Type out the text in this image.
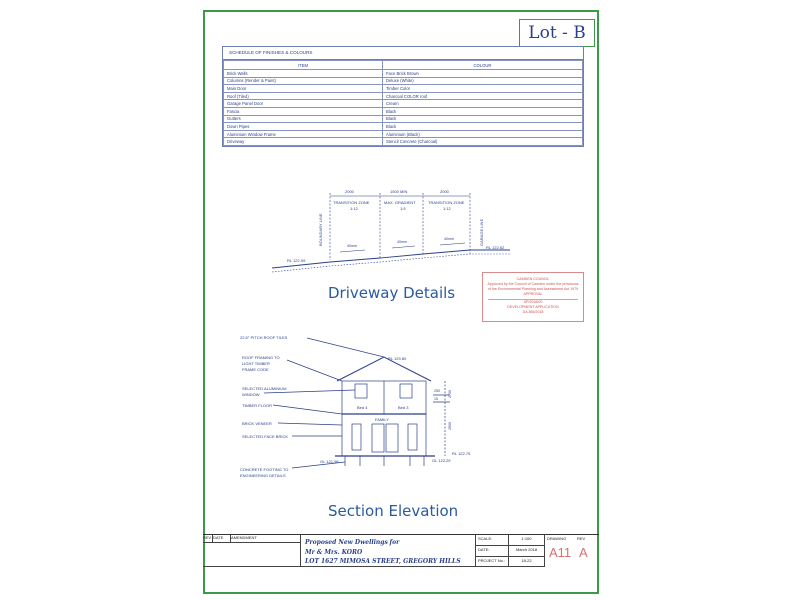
Lot - B
SCHEDULE OF FINISHES & COLOURS
ITEM	COLOUR
Brick Walls	Face Brick Brown
Columns (Render & Paint)	Deluxe (White)
Main Door	Timber Color
Roof (Tiled)	Charcoal COLOR roof
Garage Panel Door	Cream
Fascia	Black
Gutters	Black
Down Pipes	Black
Aluminium Window Frame	Aluminium (Black)
Driveway	Stencil Concrete (Charcoal)
2000
TRANSITION ZONE
1:12
1500 MIN
MAX. GRADIENT
1:5
2000
TRANSITION ZONE
1:12
BOUNDARY LINE	GARAGE LINE
RL 122.59
RL 122.62
40mm
40mm
40mm
Driveway Details
22.5° PITCH ROOF TILES
ROOF FRAMING TO
LIGHT TIMBER
FRAME CODE
SELECTED ALUMINIUM
WINDOW
TIMBER FLOOR
BRICK VENEER
SELECTED FACE BRICK
CONCRETE FOOTING TO
ENGINEERING DETAILS
RL 129.80
Bed 4	Bed 3
FAMILY
GL 121.98	GL 122.29
RL 122.75
2500
2700
250
15
Section Elevation
CAMDEN COUNCIL
Approved by the Council of Camden under the provisions
of the Environmental Planning and Assessment Act 1979
APPROVAL
SP/2018/00
DEVELOPMENT APPLICATION
DA 365/2018
REV DATE	AMENDMENT
Proposed New Dwellings for
Mr & Mrs. KORO
LOT 1627 MIMOSA STREET, GREGORY HILLS
SCALE:	1:100
DATE:	March 2018
PROJECT No.:	18-22
DRAWING	REV
A11 A
